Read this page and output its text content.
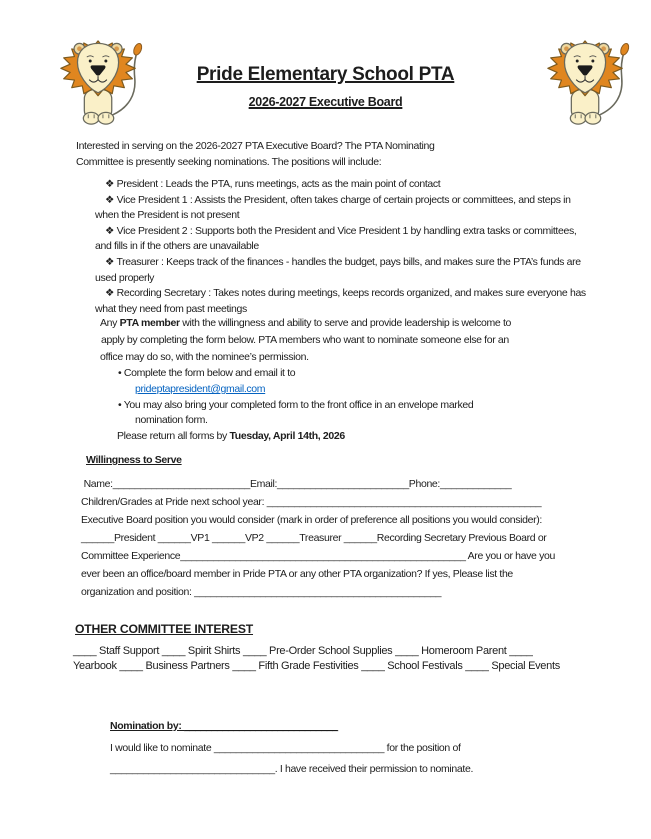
Pride Elementary School PTA
2026-2027 Executive Board
Interested in serving on the 2026-2027 PTA Executive Board? The PTA Nominating
Committee is presently seeking nominations. The positions will include:
❖ President : Leads the PTA, runs meetings, acts as the main point of contact
❖ Vice President 1 : Assists the President, often takes charge of certain projects or committees, and steps in
when the President is not present
❖ Vice President 2 : Supports both the President and Vice President 1 by handling extra tasks or committees,
and fills in if the others are unavailable
❖ Treasurer : Keeps track of the finances - handles the budget, pays bills, and makes sure the PTA’s funds are
used properly
❖ Recording Secretary : Takes notes during meetings, keeps records organized, and makes sure everyone has
what they need from past meetings
Any PTA member with the willingness and ability to serve and provide leadership is welcome to
apply by completing the form below. PTA members who want to nominate someone else for an
office may do so, with the nominee’s permission.
• Complete the form below and email it to
prideptapresident@gmail.com
• You may also bring your completed form to the front office in an envelope marked
nomination form.
Please return all forms by Tuesday, April 14th, 2026
Willingness to Serve
Name:_________________________Email:________________________Phone:_____________
Children/Grades at Pride next school year: __________________________________________________
Executive Board position you would consider (mark in order of preference all positions you would consider):
______President ______VP1 ______VP2 ______Treasurer ______Recording Secretary Previous Board or
Committee Experience____________________________________________________ Are you or have you
ever been an office/board member in Pride PTA or any other PTA organization? If yes, Please list the
organization and position: _____________________________________________
OTHER COMMITTEE INTEREST
____ Staff Support ____ Spirit Shirts ____ Pre-Order School Supplies ____ Homeroom Parent ____
Yearbook ____ Business Partners ____ Fifth Grade Festivities ____ School Festivals ____ Special Events
Nomination by: ____________________________
I would like to nominate _______________________________ for the position of
______________________________. I have received their permission to nominate.
